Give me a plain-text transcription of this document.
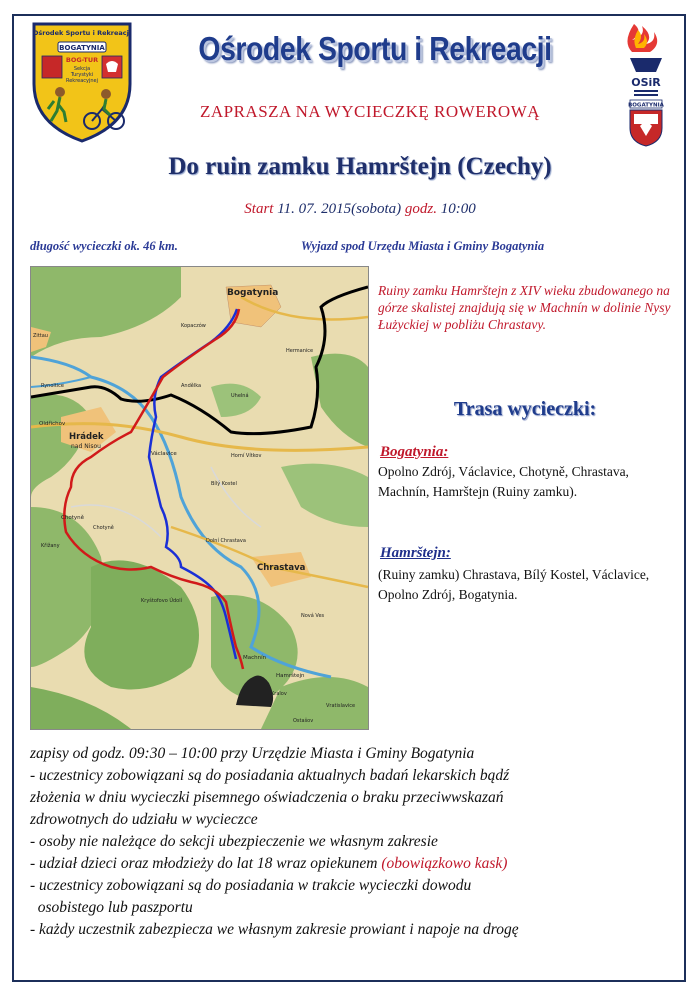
Ośrodek Sportu i Rekreacji
BOGATYNIA
BOG-TUR
Sekcja
Turystyki
Rekreacyjnej	OSiR
BOGATYNIA
Ośrodek Sportu i Rekreacji
ZAPRASZA NA WYCIECZKĘ ROWEROWĄ
Do ruin zamku Hamrštejn (Czechy)
Start 11. 07. 2015(sobota) godz. 10:00
długość wycieczki ok. 46 km.	Wyjazd spod Urzędu Miasta i Gminy Bogatynia
Bogatynia
Hrádek
nad Nisou
Oldřichov
Václavice
Chotyně
Chrastava
Hamrštejn
Machnín
Horní Vítkov
Bílý Kostel
Kryštofovo Údolí
Hermanice
Kopaczów
Uhelná
Andělka
Zittau
Chotyně
Dolní Chrastava
Nová Ves
Rynoltice
Vratislavice
Kralov
Ostašov
Křižany
Ruiny zamku Hamrštejn z XIV wieku zbudowanego na górze skalistej znajdują się w Machnín w dolinie Nysy Łużyckiej w pobliżu Chrastavy.
Trasa wycieczki:
Bogatynia:
Opolno Zdrój, Václavice, Chotyně, Chrastava, Machnín, Hamrštejn (Ruiny zamku).
Hamrštejn:
(Ruiny zamku) Chrastava, Bílý Kostel, Václavice, Opolno Zdrój, Bogatynia.
zapisy od godz. 09:30 – 10:00 przy Urzędzie Miasta i Gminy Bogatynia
- uczestnicy zobowiązani są do posiadania aktualnych badań lekarskich bądź
złożenia w dniu wycieczki pisemnego oświadczenia o braku przeciwwskazań
zdrowotnych do udziału w wycieczce
- osoby nie należące do sekcji ubezpieczenie we własnym zakresie
- udział dzieci oraz młodzieży do lat 18 wraz opiekunem (obowiązkowo kask)
- uczestnicy zobowiązani są do posiadania w trakcie wycieczki dowodu
osobistego lub paszportu
- każdy uczestnik zabezpiecza we własnym zakresie prowiant i napoje na drogę
